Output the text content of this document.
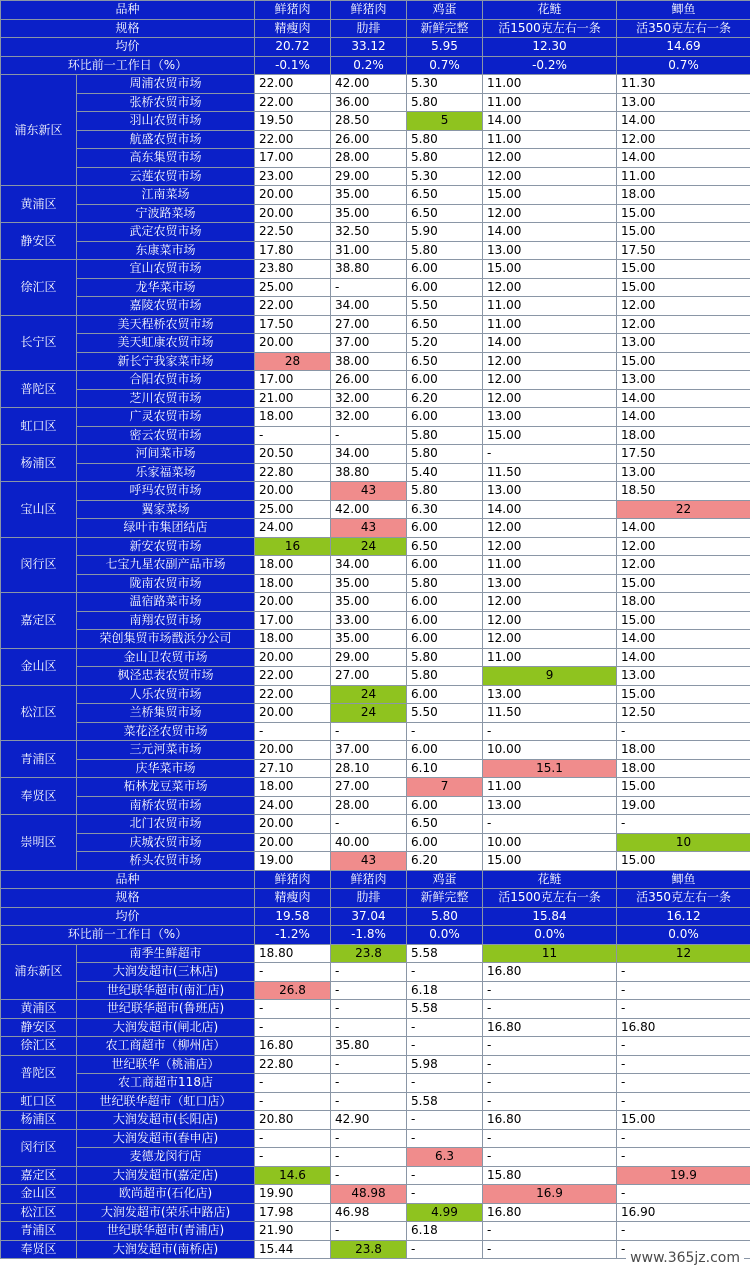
品种		鲜猪肉	鲜猪肉	鸡蛋	花鲢	鲫鱼
规格		精瘦肉	肋排	新鲜完整	活1500克左右一条	活350克左右一条
均价		20.72	33.12	5.95	12.30	14.69
环比前一工作日（%）		-0.1%	0.2%	0.7%	-0.2%	0.7%
浦东新区	周浦农贸市场	22.00	42.00	5.30	11.00	11.30
	张桥农贸市场	22.00	36.00	5.80	11.00	13.00
	羽山农贸市场	19.50	28.50	5	14.00	14.00
	航盛农贸市场	22.00	26.00	5.80	11.00	12.00
	高东集贸市场	17.00	28.00	5.80	12.00	14.00
	云莲农贸市场	23.00	29.00	5.30	12.00	11.00
黄浦区	江南菜场	20.00	35.00	6.50	15.00	18.00
	宁波路菜场	20.00	35.00	6.50	12.00	15.00
静安区	武定农贸市场	22.50	32.50	5.90	14.00	15.00
	东康菜市场	17.80	31.00	5.80	13.00	17.50
徐汇区	宜山农贸市场	23.80	38.80	6.00	15.00	15.00
	龙华菜市场	25.00	-	6.00	12.00	15.00
	嘉陵农贸市场	22.00	34.00	5.50	11.00	12.00
长宁区	美天程桥农贸市场	17.50	27.00	6.50	11.00	12.00
	美天虹康农贸市场	20.00	37.00	5.20	14.00	13.00
	新长宁我家菜市场	28	38.00	6.50	12.00	15.00
普陀区	合阳农贸市场	17.00	26.00	6.00	12.00	13.00
	芝川农贸市场	21.00	32.00	6.20	12.00	14.00
虹口区	广灵农贸市场	18.00	32.00	6.00	13.00	14.00
	密云农贸市场	-	-	5.80	15.00	18.00
杨浦区	河间菜市场	20.50	34.00	5.80	-	17.50
	乐家福菜场	22.80	38.80	5.40	11.50	13.00
宝山区	呼玛农贸市场	20.00	43	5.80	13.00	18.50
	翼家菜场	25.00	42.00	6.30	14.00	22
	绿叶市集团结店	24.00	43	6.00	12.00	14.00
闵行区	新安农贸市场	16	24	6.50	12.00	12.00
	七宝九星农副产品市场	18.00	34.00	6.00	11.00	12.00
	陇南农贸市场	18.00	35.00	5.80	13.00	15.00
嘉定区	温宿路菜市场	20.00	35.00	6.00	12.00	18.00
	南翔农贸市场	17.00	33.00	6.00	12.00	15.00
	荣创集贸市场戬浜分公司	18.00	35.00	6.00	12.00	14.00
金山区	金山卫农贸市场	20.00	29.00	5.80	11.00	14.00
	枫泾忠表农贸市场	22.00	27.00	5.80	9	13.00
松江区	人乐农贸市场	22.00	24	6.00	13.00	15.00
	兰桥集贸市场	20.00	24	5.50	11.50	12.50
	菜花泾农贸市场	-	-	-	-	-
青浦区	三元河菜市场	20.00	37.00	6.00	10.00	18.00
	庆华菜市场	27.10	28.10	6.10	15.1	18.00
奉贤区	柘林龙豆菜市场	18.00	27.00	7	11.00	15.00
	南桥农贸市场	24.00	28.00	6.00	13.00	19.00
崇明区	北门农贸市场	20.00	-	6.50	-	-
	庆城农贸市场	20.00	40.00	6.00	10.00	10
	桥头农贸市场	19.00	43	6.20	15.00	15.00
品种		鲜猪肉	鲜猪肉	鸡蛋	花鲢	鲫鱼
规格		精瘦肉	肋排	新鲜完整	活1500克左右一条	活350克左右一条
均价		19.58	37.04	5.80	15.84	16.12
环比前一工作日（%）		-1.2%	-1.8%	0.0%	0.0%	0.0%
浦东新区	南季生鲜超市	18.80	23.8	5.58	11	12
	大润发超市(三林店)	-	-	-	16.80	-
	世纪联华超市(南汇店)	26.8	-	6.18	-	-
黄浦区	世纪联华超市(鲁班店)	-	-	5.58	-	-
静安区	大润发超市(闸北店)	-	-	-	16.80	16.80
徐汇区	农工商超市（柳州店）	16.80	35.80	-	-	-
普陀区	世纪联华（桃浦店）	22.80	-	5.98	-	-
	农工商超市118店	-	-	-	-	-
虹口区	世纪联华超市（虹口店）	-	-	5.58	-	-
杨浦区	大润发超市(长阳店)	20.80	42.90	-	16.80	15.00
闵行区	大润发超市(春申店)	-	-	-	-	-
	麦德龙闵行店	-	-	6.3	-	-
嘉定区	大润发超市(嘉定店)	14.6	-	-	15.80	19.9
金山区	欧尚超市(石化店)	19.90	48.98	-	16.9	-
松江区	大润发超市(荣乐中路店)	17.98	46.98	4.99	16.80	16.90
青浦区	世纪联华超市(青浦店)	21.90	-	6.18	-	-
奉贤区	大润发超市(南桥店)	15.44	23.8	-	-	-
www.365jz.com
